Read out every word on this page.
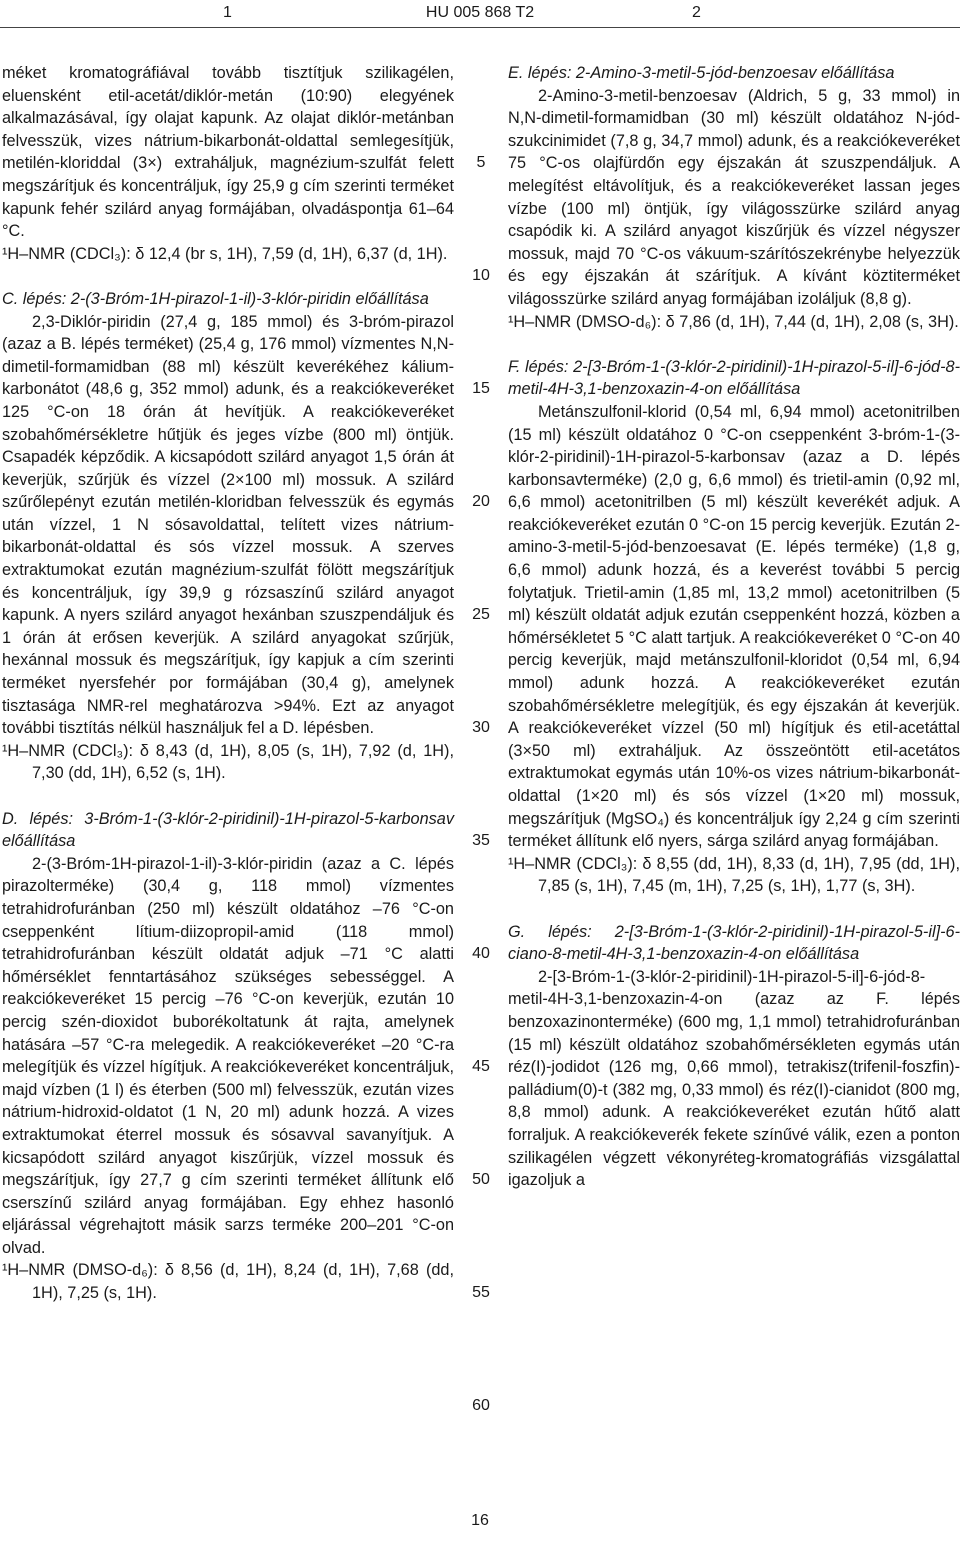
1	HU 005 868 T2	2

méket kromatográfiával tovább tisztítjuk szilikagélen, eluensként etil-acetát/diklór-metán (10:90) elegyének alkalmazásával, így olajat kapunk. Az olajat diklór-metánban felvesszük, vizes nátrium-bikarbonát-oldattal semlegesítjük, metilén-kloriddal (3×) extraháljuk, magnézium-szulfát felett megszárítjuk és koncentráljuk, így 25,9 g cím szerinti terméket kapunk fehér szilárd anyag formájában, olvadáspontja 61–64 °C.

¹H–NMR (CDCl₃): δ 12,4 (br s, 1H), 7,59 (d, 1H), 6,37 (d, 1H).

C. lépés: 2-(3-Bróm-1H-pirazol-1-il)-3-klór-piridin előállítása

2,3-Diklór-piridin (27,4 g, 185 mmol) és 3-bróm-pirazol (azaz a B. lépés terméket) (25,4 g, 176 mmol) vízmentes N,N-dimetil-formamidban (88 ml) készült keverékéhez kálium-karbonátot (48,6 g, 352 mmol) adunk, és a reakciókeveréket 125 °C-on 18 órán át hevítjük. A reakciókeveréket szobahőmérsékletre hűtjük és jeges vízbe (800 ml) öntjük. Csapadék képződik. A kicsapódott szilárd anyagot 1,5 órán át keverjük, szűrjük és vízzel (2×100 ml) mossuk. A szilárd szűrőlepényt ezután metilén-kloridban felvesszük és egymás után vízzel, 1 N sósavoldattal, telített vizes nátrium-bikarbonát-oldattal és sós vízzel mossuk. A szerves extraktumokat ezután magnézium-szulfát fölött megszárítjuk és koncentráljuk, így 39,9 g rózsaszínű szilárd anyagot kapunk. A nyers szilárd anyagot hexánban szuszpendáljuk és 1 órán át erősen keverjük. A szilárd anyagokat szűrjük, hexánnal mossuk és megszárítjuk, így kapjuk a cím szerinti terméket nyersfehér por formájában (30,4 g), amelynek tisztasága NMR-rel meghatározva >94%. Ezt az anyagot további tisztítás nélkül használjuk fel a D. lépésben.

¹H–NMR (CDCl₃): δ 8,43 (d, 1H), 8,05 (s, 1H), 7,92 (d, 1H), 7,30 (dd, 1H), 6,52 (s, 1H).

D. lépés: 3-Bróm-1-(3-klór-2-piridinil)-1H-pirazol-5-karbonsav előállítása

2-(3-Bróm-1H-pirazol-1-il)-3-klór-piridin (azaz a C. lépés pirazolterméke) (30,4 g, 118 mmol) vízmentes tetrahidrofuránban (250 ml) készült oldatához –76 °C-on cseppenként lítium-diizopropil-amid (118 mmol) tetrahidrofuránban készült oldatát adjuk –71 °C alatti hőmérséklet fenntartásához szükséges sebességgel. A reakciókeveréket 15 percig –76 °C-on keverjük, ezután 10 percig szén-dioxidot buborékoltatunk át rajta, amelynek hatására –57 °C-ra melegedik. A reakciókeveréket –20 °C-ra melegítjük és vízzel hígítjuk. A reakciókeveréket koncentráljuk, majd vízben (1 l) és éterben (500 ml) felvesszük, ezután vizes nátrium-hidroxid-oldatot (1 N, 20 ml) adunk hozzá. A vizes extraktumokat éterrel mossuk és sósavval savanyítjuk. A kicsapódott szilárd anyagot kiszűrjük, vízzel mossuk és megszárítjuk, így 27,7 g cím szerinti terméket állítunk elő cserszínű szilárd anyag formájában. Egy ehhez hasonló eljárással végrehajtott másik sarzs terméke 200–201 °C-on olvad.

¹H–NMR (DMSO-d₆): δ 8,56 (d, 1H), 8,24 (d, 1H), 7,68 (dd, 1H), 7,25 (s, 1H).

5
10
15
20
25
30
35
40
45
50
55
60

E. lépés: 2-Amino-3-metil-5-jód-benzoesav előállítása

2-Amino-3-metil-benzoesav (Aldrich, 5 g, 33 mmol) in N,N-dimetil-formamidban (30 ml) készült oldatához N-jód-szukcinimidet (7,8 g, 34,7 mmol) adunk, és a reakciókeveréket 75 °C-os olajfürdőn egy éjszakán át szuszpendáljuk. A melegítést eltávolítjuk, és a reakciókeveréket lassan jeges vízbe (100 ml) öntjük, így világosszürke szilárd anyag csapódik ki. A szilárd anyagot kiszűrjük és vízzel négyszer mossuk, majd 70 °C-os vákuum-szárítószekrénybe helyezzük és egy éjszakán át szárítjuk. A kívánt köztiterméket világosszürke szilárd anyag formájában izoláljuk (8,8 g).

¹H–NMR (DMSO-d₆): δ 7,86 (d, 1H), 7,44 (d, 1H), 2,08 (s, 3H).

F. lépés: 2-[3-Bróm-1-(3-klór-2-piridinil)-1H-pirazol-5-il]-6-jód-8-metil-4H-3,1-benzoxazin-4-on előállítása

Metánszulfonil-klorid (0,54 ml, 6,94 mmol) acetonitrilben (15 ml) készült oldatához 0 °C-on cseppenként 3-bróm-1-(3-klór-2-piridinil)-1H-pirazol-5-karbonsav (azaz a D. lépés karbonsavterméke) (2,0 g, 6,6 mmol) és trietil-amin (0,92 ml, 6,6 mmol) acetonitrilben (5 ml) készült keverékét adjuk. A reakciókeveréket ezután 0 °C-on 15 percig keverjük. Ezután 2-amino-3-metil-5-jód-benzoesavat (E. lépés terméke) (1,8 g, 6,6 mmol) adunk hozzá, és a keverést további 5 percig folytatjuk. Trietil-amin (1,85 ml, 13,2 mmol) acetonitrilben (5 ml) készült oldatát adjuk ezután cseppenként hozzá, közben a hőmérsékletet 5 °C alatt tartjuk. A reakciókeveréket 0 °C-on 40 percig keverjük, majd metánszulfonil-kloridot (0,54 ml, 6,94 mmol) adunk hozzá. A reakciókeveréket ezután szobahőmérsékletre melegítjük, és egy éjszakán át keverjük. A reakciókeveréket vízzel (50 ml) hígítjuk és etil-acetáttal (3×50 ml) extraháljuk. Az összeöntött etil-acetátos extraktumokat egymás után 10%-os vizes nátrium-bikarbonát-oldattal (1×20 ml) és sós vízzel (1×20 ml) mossuk, megszárítjuk (MgSO₄) és koncentráljuk így 2,24 g cím szerinti terméket állítunk elő nyers, sárga szilárd anyag formájában.

¹H–NMR (CDCl₃): δ 8,55 (dd, 1H), 8,33 (d, 1H), 7,95 (dd, 1H), 7,85 (s, 1H), 7,45 (m, 1H), 7,25 (s, 1H), 1,77 (s, 3H).

G. lépés: 2-[3-Bróm-1-(3-klór-2-piridinil)-1H-pirazol-5-il]-6-ciano-8-metil-4H-3,1-benzoxazin-4-on előállítása

2-[3-Bróm-1-(3-klór-2-piridinil)-1H-pirazol-5-il]-6-jód-8-metil-4H-3,1-benzoxazin-4-on (azaz az F. lépés benzoxazinonterméke) (600 mg, 1,1 mmol) tetrahidrofuránban (15 ml) készült oldatához szobahőmérsékleten egymás után réz(I)-jodidot (126 mg, 0,66 mmol), tetrakisz(trifenil-foszfin)-palládium(0)-t (382 mg, 0,33 mmol) és réz(I)-cianidot (800 mg, 8,8 mmol) adunk. A reakciókeveréket ezután hűtő alatt forraljuk. A reakciókeverék fekete színűvé válik, ezen a ponton szilikagélen végzett vékonyréteg-kromatográfiás vizsgálattal igazoljuk a

16
